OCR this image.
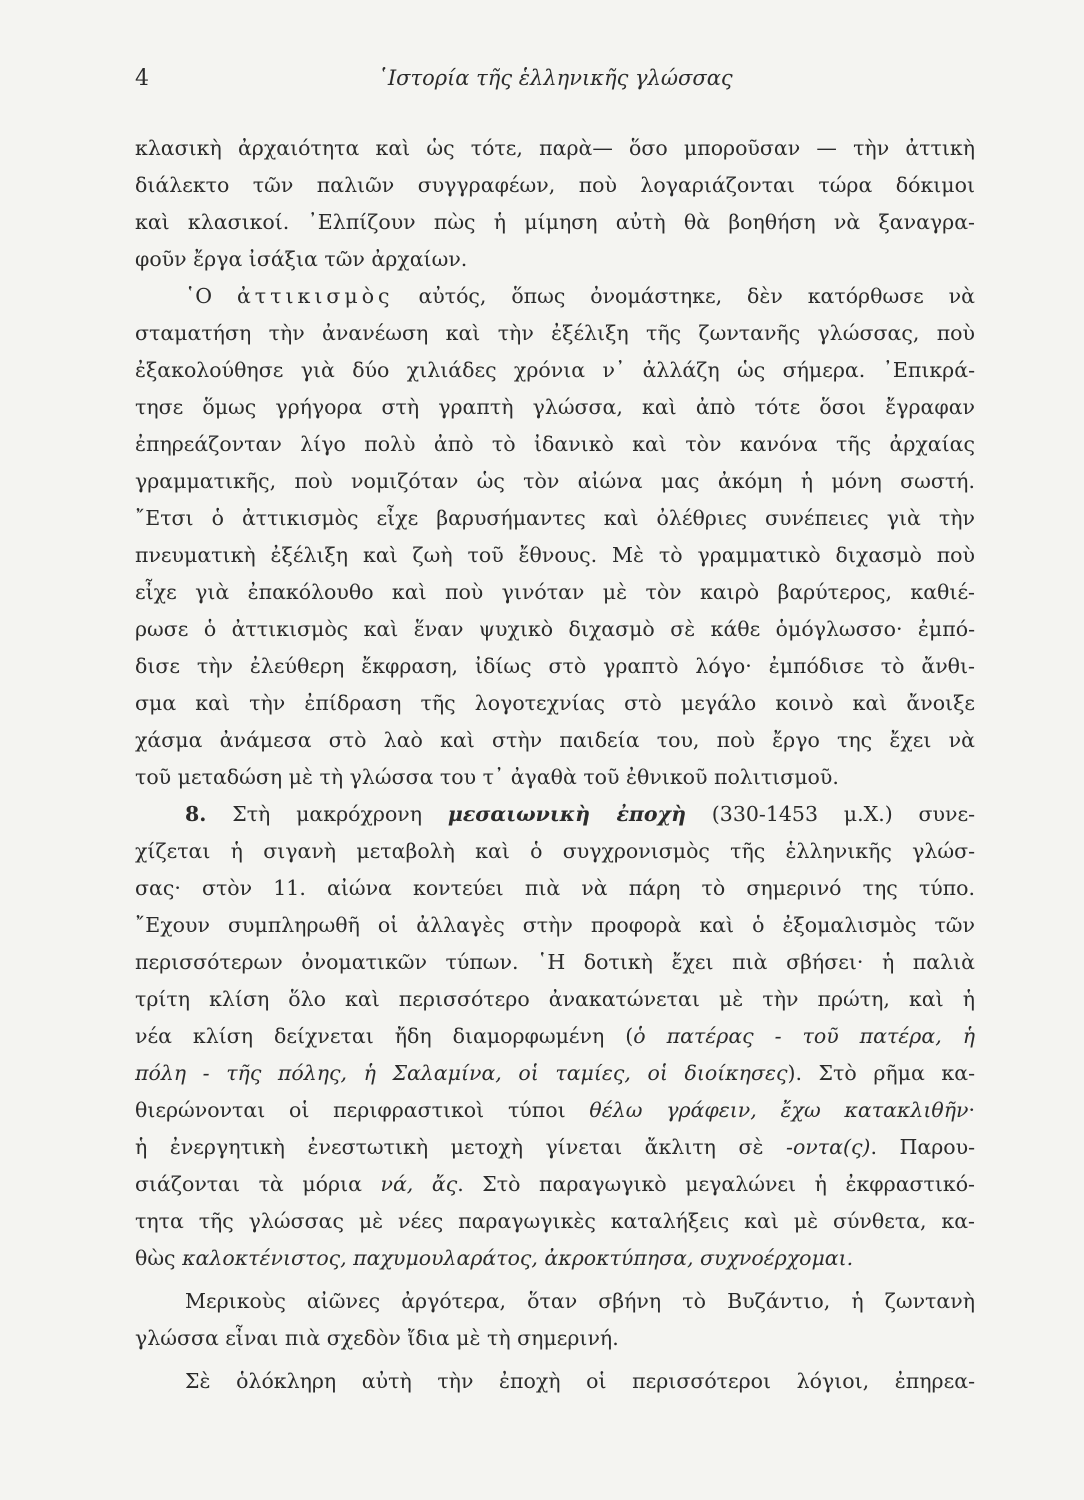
4	῾Ιστορία τῆς ἑλληνικῆς γλώσσας
κλασικὴ ἀρχαιότητα καὶ ὡς τότε, παρὰ— ὅσο μποροῦσαν — τὴν ἀττικὴ
διάλεκτο τῶν παλιῶν συγγραφέων, ποὺ λογαριάζονται τώρα δόκιμοι
καὶ κλασικοί. ᾿Ελπίζουν πὼς ἡ μίμηση αὐτὴ θὰ βοηθήση νὰ ξαναγρα-
φοῦν ἔργα ἰσάξια τῶν ἀρχαίων.
῾Ο ἀττικισμὸς αὐτός, ὅπως ὀνομάστηκε, δὲν κατόρθωσε νὰ
σταματήση τὴν ἀνανέωση καὶ τὴν ἐξέλιξη τῆς ζωντανῆς γλώσσας, ποὺ
ἐξακολούθησε γιὰ δύο χιλιάδες χρόνια ν᾿ ἀλλάζη ὡς σήμερα. ᾿Επικρά-
τησε ὅμως γρήγορα στὴ γραπτὴ γλώσσα, καὶ ἀπὸ τότε ὅσοι ἔγραφαν
ἐπηρεάζονταν λίγο πολὺ ἀπὸ τὸ ἰδανικὸ καὶ τὸν κανόνα τῆς ἀρχαίας
γραμματικῆς, ποὺ νομιζόταν ὡς τὸν αἰώνα μας ἀκόμη ἡ μόνη σωστή.
῎Ετσι ὁ ἀττικισμὸς εἶχε βαρυσήμαντες καὶ ὀλέθριες συνέπειες γιὰ τὴν
πνευματικὴ ἐξέλιξη καὶ ζωὴ τοῦ ἔθνους. Μὲ τὸ γραμματικὸ διχασμὸ ποὺ
εἶχε γιὰ ἐπακόλουθο καὶ ποὺ γινόταν μὲ τὸν καιρὸ βαρύτερος, καθιέ-
ρωσε ὁ ἀττικισμὸς καὶ ἕναν ψυχικὸ διχασμὸ σὲ κάθε ὁμόγλωσσο· ἐμπό-
δισε τὴν ἐλεύθερη ἔκφραση, ἰδίως στὸ γραπτὸ λόγο· ἐμπόδισε τὸ ἄνθι-
σμα καὶ τὴν ἐπίδραση τῆς λογοτεχνίας στὸ μεγάλο κοινὸ καὶ ἄνοιξε
χάσμα ἀνάμεσα στὸ λαὸ καὶ στὴν παιδεία του, ποὺ ἔργο της ἔχει νὰ
τοῦ μεταδώση μὲ τὴ γλώσσα του τ᾿ ἀγαθὰ τοῦ ἐθνικοῦ πολιτισμοῦ.
8. Στὴ μακρόχρονη μεσαιωνικὴ ἐποχὴ (330-1453 μ.Χ.) συνε-
χίζεται ἡ σιγανὴ μεταβολὴ καὶ ὁ συγχρονισμὸς τῆς ἑλληνικῆς γλώσ-
σας· στὸν 11. αἰώνα κοντεύει πιὰ νὰ πάρη τὸ σημερινό της τύπο.
῎Εχουν συμπληρωθῆ οἱ ἀλλαγὲς στὴν προφορὰ καὶ ὁ ἐξομαλισμὸς τῶν
περισσότερων ὀνοματικῶν τύπων. ῾Η δοτικὴ ἔχει πιὰ σβήσει· ἡ παλιὰ
τρίτη κλίση ὅλο καὶ περισσότερο ἀνακατώνεται μὲ τὴν πρώτη, καὶ ἡ
νέα κλίση δείχνεται ἤδη διαμορφωμένη (ὁ πατέρας - τοῦ πατέρα, ἡ
πόλη - τῆς πόλης, ἡ Σαλαμίνα, οἱ ταμίες, οἱ διοίκησες). Στὸ ρῆμα κα-
θιερώνονται οἱ περιφραστικοὶ τύποι θέλω γράφειν, ἔχω κατακλιθῆν·
ἡ ἐνεργητικὴ ἐνεστωτικὴ μετοχὴ γίνεται ἄκλιτη σὲ -οντα(ς). Παρου-
σιάζονται τὰ μόρια νά, ἄς. Στὸ παραγωγικὸ μεγαλώνει ἡ ἐκφραστικό-
τητα τῆς γλώσσας μὲ νέες παραγωγικὲς καταλήξεις καὶ μὲ σύνθετα, κα-
θὼς καλοκτένιστος, παχυμουλαράτος, ἀκροκτύπησα, συχνοέρχομαι.
Μερικοὺς αἰῶνες ἀργότερα, ὅταν σβήνη τὸ Βυζάντιο, ἡ ζωντανὴ
γλώσσα εἶναι πιὰ σχεδὸν ἴδια μὲ τὴ σημερινή.
Σὲ ὁλόκληρη αὐτὴ τὴν ἐποχὴ οἱ περισσότεροι λόγιοι, ἐπηρεα-
